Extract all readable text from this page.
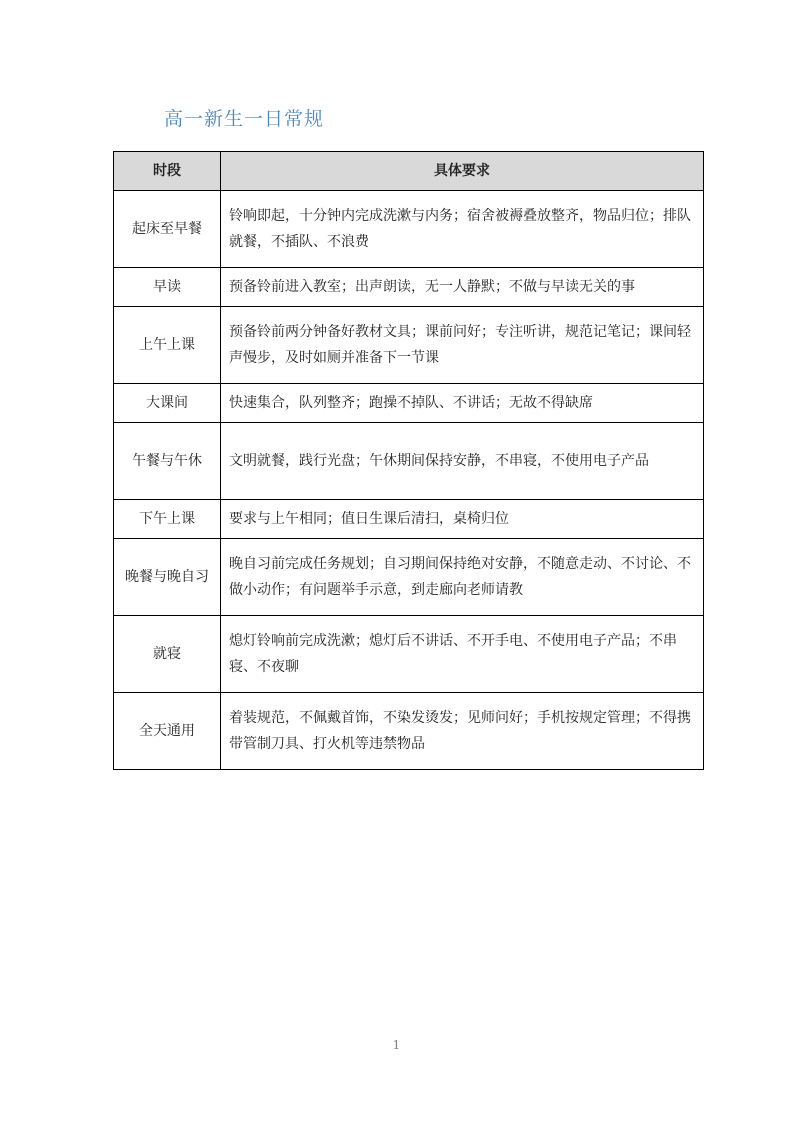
高一新生一日常规
时段	具体要求
起床至早餐	铃响即起，十分钟内完成洗漱与内务；宿舍被褥叠放整齐，物品归位；排队就餐，不插队、不浪费
早读	预备铃前进入教室；出声朗读，无一人静默；不做与早读无关的事
上午上课	预备铃前两分钟备好教材文具；课前问好；专注听讲，规范记笔记；课间轻声慢步，及时如厕并准备下一节课
大课间	快速集合，队列整齐；跑操不掉队、不讲话；无故不得缺席
午餐与午休	文明就餐，践行光盘；午休期间保持安静，不串寝，不使用电子产品
下午上课	要求与上午相同；值日生课后清扫，桌椅归位
晚餐与晚自习	晚自习前完成任务规划；自习期间保持绝对安静，不随意走动、不讨论、不做小动作；有问题举手示意，到走廊向老师请教
就寝	熄灯铃响前完成洗漱；熄灯后不讲话、不开手电、不使用电子产品；不串寝、不夜聊
全天通用	着装规范，不佩戴首饰，不染发烫发；见师问好；手机按规定管理；不得携带管制刀具、打火机等违禁物品
1
